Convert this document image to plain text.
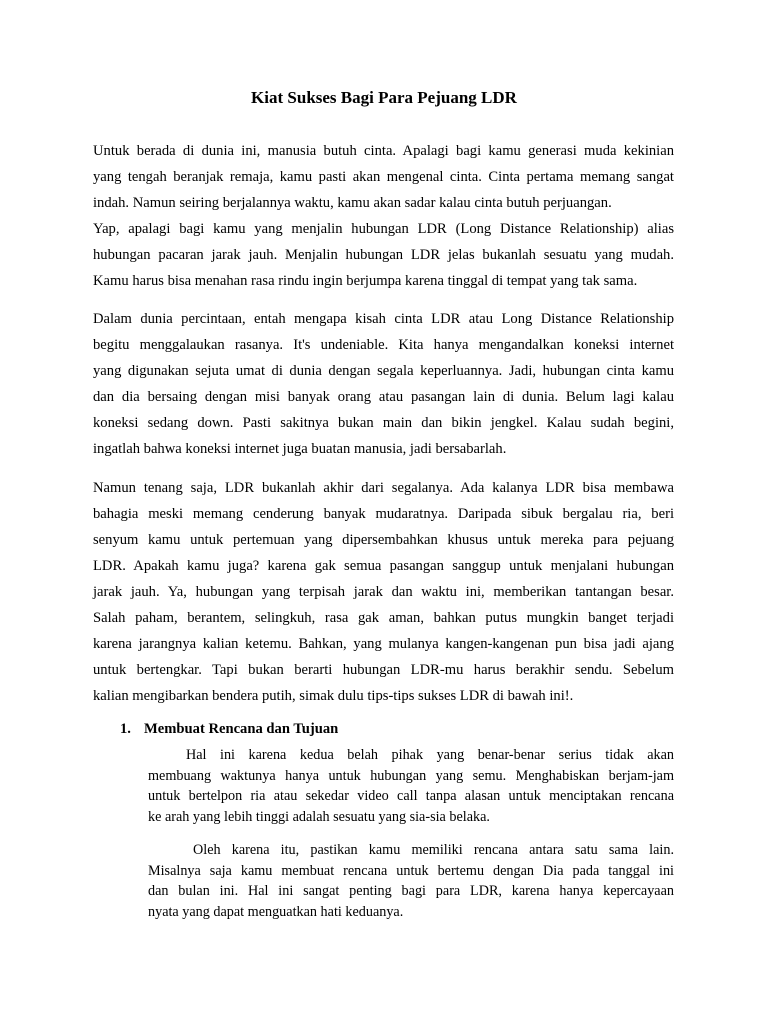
Kiat Sukses Bagi Para Pejuang LDR

Untuk berada di dunia ini, manusia butuh cinta. Apalagi bagi kamu generasi muda kekinian
yang tengah beranjak remaja, kamu pasti akan mengenal cinta. Cinta pertama memang sangat
indah. Namun seiring berjalannya waktu, kamu akan sadar kalau cinta butuh perjuangan.
Yap, apalagi bagi kamu yang menjalin hubungan LDR (Long Distance Relationship) alias
hubungan pacaran jarak jauh. Menjalin hubungan LDR jelas bukanlah sesuatu yang mudah.
Kamu harus bisa menahan rasa rindu ingin berjumpa karena tinggal di tempat yang tak sama.

Dalam dunia percintaan, entah mengapa kisah cinta LDR atau Long Distance Relationship
begitu menggalaukan rasanya. It's undeniable. Kita hanya mengandalkan koneksi internet
yang digunakan sejuta umat di dunia dengan segala keperluannya. Jadi, hubungan cinta kamu
dan dia bersaing dengan misi banyak orang atau pasangan lain di dunia. Belum lagi kalau
koneksi sedang down. Pasti sakitnya bukan main dan bikin jengkel. Kalau sudah begini,
ingatlah bahwa koneksi internet juga buatan manusia, jadi bersabarlah.

Namun tenang saja, LDR bukanlah akhir dari segalanya. Ada kalanya LDR bisa membawa
bahagia meski memang cenderung banyak mudaratnya. Daripada sibuk bergalau ria, beri
senyum kamu untuk pertemuan yang dipersembahkan khusus untuk mereka para pejuang
LDR. Apakah kamu juga? karena gak semua pasangan sanggup untuk menjalani hubungan
jarak jauh. Ya, hubungan yang terpisah jarak dan waktu ini, memberikan tantangan besar.
Salah paham, berantem, selingkuh, rasa gak aman, bahkan putus mungkin banget terjadi
karena jarangnya kalian ketemu. Bahkan, yang mulanya kangen-kangenan pun bisa jadi ajang
untuk bertengkar. Tapi bukan berarti hubungan LDR-mu harus berakhir sendu. Sebelum
kalian mengibarkan bendera putih, simak dulu tips-tips sukses LDR di bawah ini!.

1. Membuat Rencana dan Tujuan

Hal ini karena kedua belah pihak yang benar-benar serius tidak akan
membuang waktunya hanya untuk hubungan yang semu. Menghabiskan berjam-jam
untuk bertelpon ria atau sekedar video call tanpa alasan untuk menciptakan rencana
ke arah yang lebih tinggi adalah sesuatu yang sia-sia belaka.

Oleh karena itu, pastikan kamu memiliki rencana antara satu sama lain.
Misalnya saja kamu membuat rencana untuk bertemu dengan Dia pada tanggal ini
dan bulan ini. Hal ini sangat penting bagi para LDR, karena hanya kepercayaan
nyata yang dapat menguatkan hati keduanya.
